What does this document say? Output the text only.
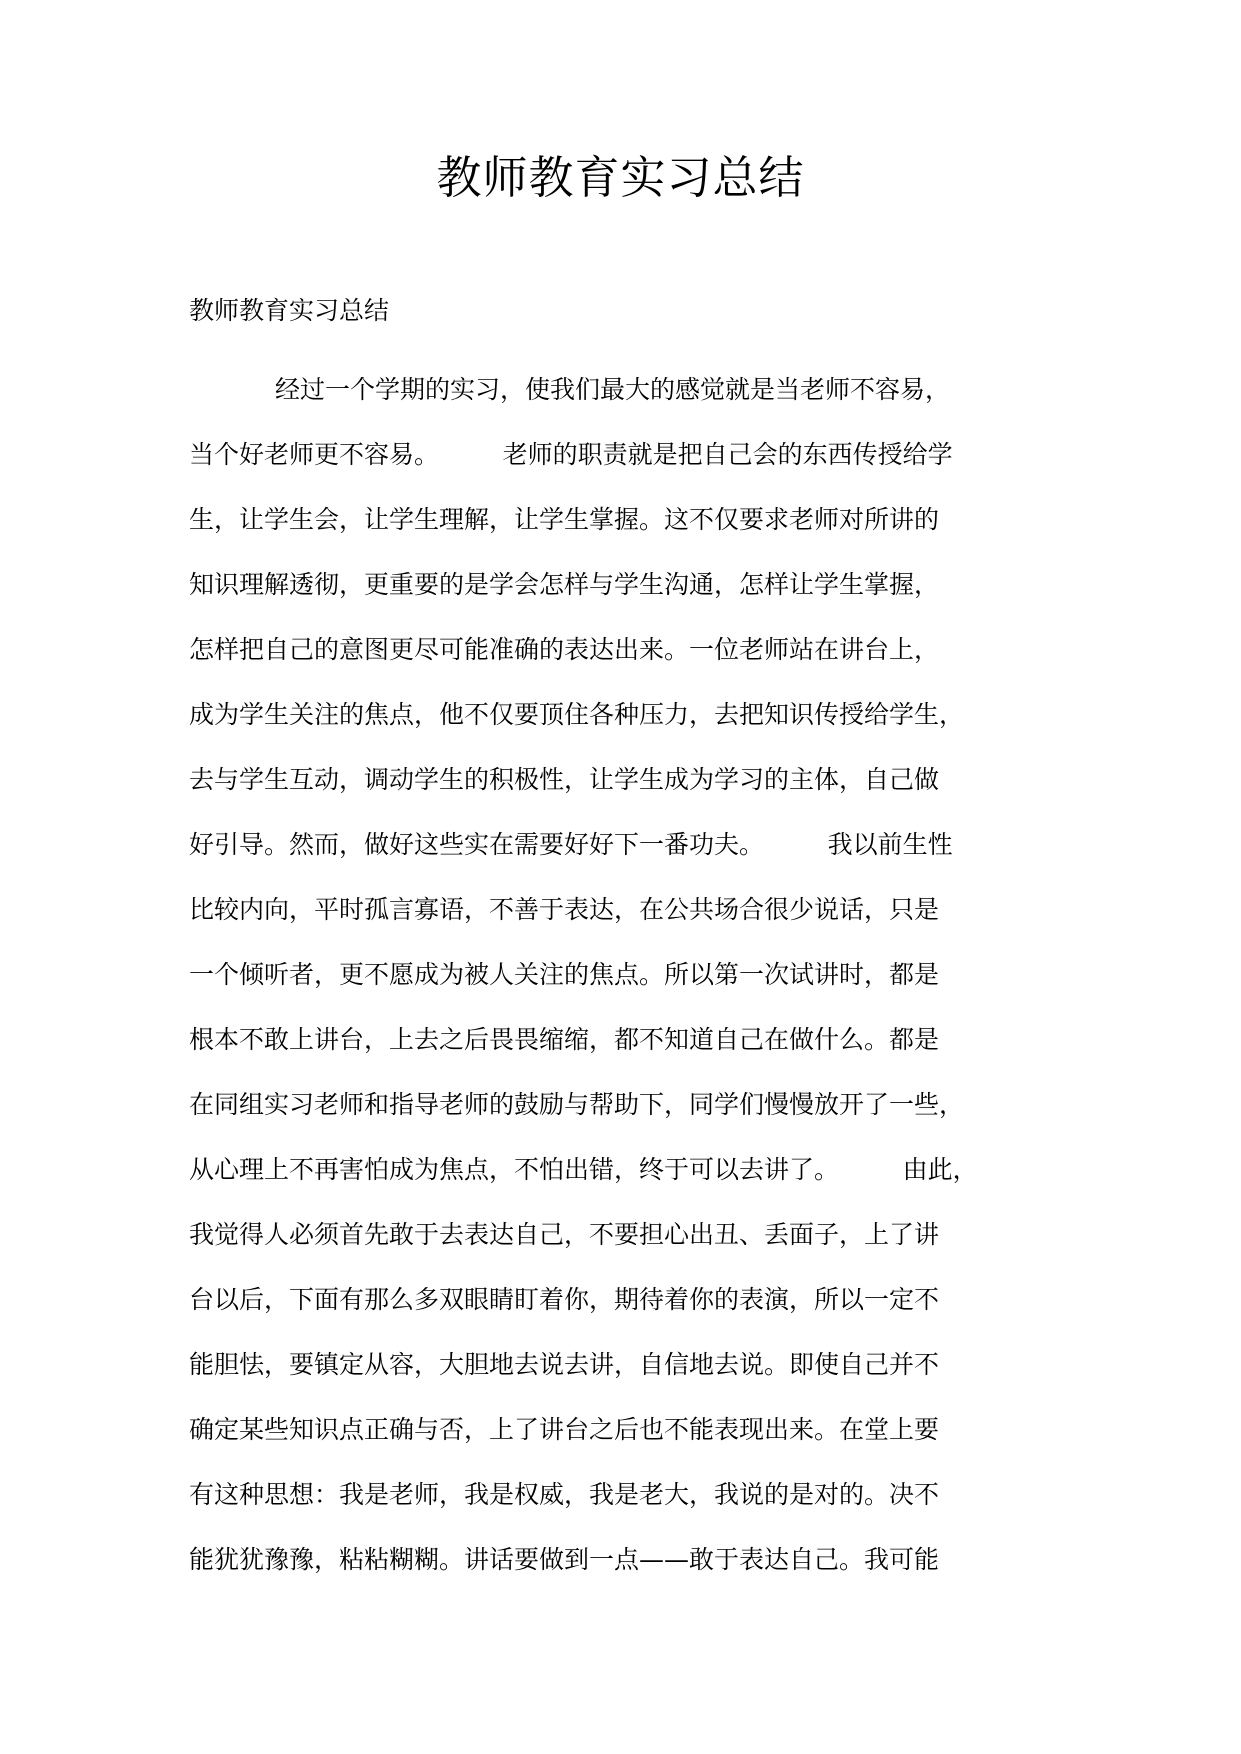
教师教育实习总结
教师教育实习总结
经过一个学期的实习，使我们最大的感觉就是当老师不容易，
当个好老师更不容易。        老师的职责就是把自己会的东西传授给学
生，让学生会，让学生理解，让学生掌握。这不仅要求老师对所讲的
知识理解透彻，更重要的是学会怎样与学生沟通，怎样让学生掌握，
怎样把自己的意图更尽可能准确的表达出来。一位老师站在讲台上，
成为学生关注的焦点，他不仅要顶住各种压力，去把知识传授给学生，
去与学生互动，调动学生的积极性，让学生成为学习的主体，自己做
好引导。然而，做好这些实在需要好好下一番功夫。        我以前生性
比较内向，平时孤言寡语，不善于表达，在公共场合很少说话，只是
一个倾听者，更不愿成为被人关注的焦点。所以第一次试讲时，都是
根本不敢上讲台，上去之后畏畏缩缩，都不知道自己在做什么。都是
在同组实习老师和指导老师的鼓励与帮助下，同学们慢慢放开了一些，
从心理上不再害怕成为焦点，不怕出错，终于可以去讲了。        由此，
我觉得人必须首先敢于去表达自己，不要担心出丑、丢面子，上了讲
台以后，下面有那么多双眼睛盯着你，期待着你的表演，所以一定不
能胆怯，要镇定从容，大胆地去说去讲，自信地去说。即使自己并不
确定某些知识点正确与否，上了讲台之后也不能表现出来。在堂上要
有这种思想：我是老师，我是权威，我是老大，我说的是对的。决不
能犹犹豫豫，粘粘糊糊。讲话要做到一点——敢于表达自己。我可能
